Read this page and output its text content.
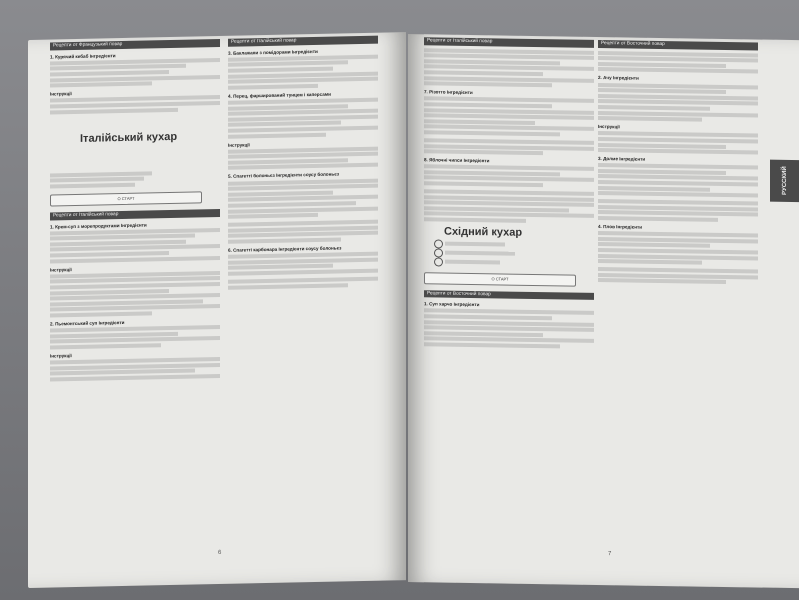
Рецепти от Французький повар
1. Курячий кебаб Інгредієнти
Інструкції
Італійський кухар
О СТАРТ
Рецепти от Італійський повар
1. Крем-суп з морепродуктами Інгредієнти
Інструкції
2. Пьемонтський суп Інгредієнти
Інструкції
Рецепти от Італійський повар
3. Баклажани з помідорами Інгредієнти
4. Перец, фарширований тунцем і каперсами
Інструкції
5. Спагетті болоньєз Інгредієнти соусу болоньєз
6. Спагетті карбонара Інгредієнти соусу болоньєз
6
Рецепти от Італійський повар
7. Різотто Інгредієнти
8. Яблочні чипси Інгредієнти
Східний кухар
О СТАРТ
Рецепти от Восточний повар
1. Суп харчо Інгредієнти
Рецепти от Восточний повар
2. Ачу Інгредієнти
Інструкції
3. Долме Інгредієнти
4. Плов Інгредієнти
РУССКИЙ
7
